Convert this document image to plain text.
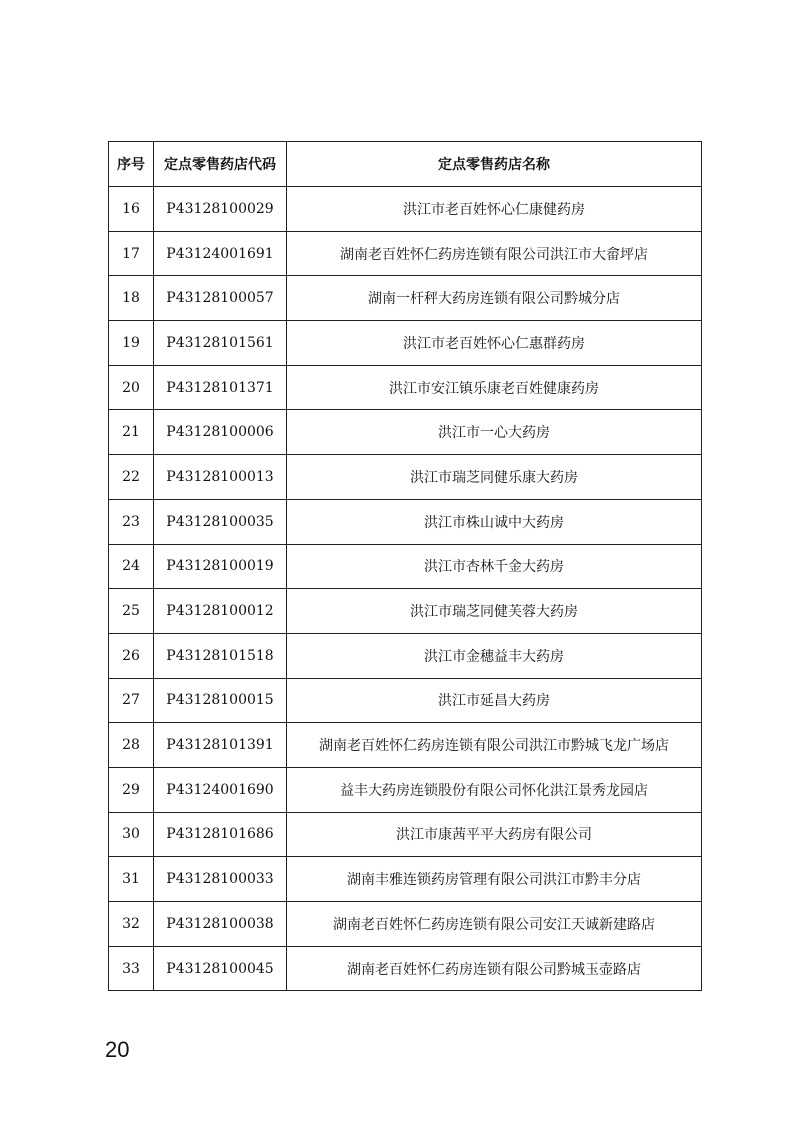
序号	定点零售药店代码	定点零售药店名称
16	P43128100029	洪江市老百姓怀心仁康健药房
17	P43124001691	湖南老百姓怀仁药房连锁有限公司洪江市大畲坪店
18	P43128100057	湖南一杆秤大药房连锁有限公司黔城分店
19	P43128101561	洪江市老百姓怀心仁惠群药房
20	P43128101371	洪江市安江镇乐康老百姓健康药房
21	P43128100006	洪江市一心大药房
22	P43128100013	洪江市瑞芝同健乐康大药房
23	P43128100035	洪江市株山诚中大药房
24	P43128100019	洪江市杏林千金大药房
25	P43128100012	洪江市瑞芝同健芙蓉大药房
26	P43128101518	洪江市金穗益丰大药房
27	P43128100015	洪江市延昌大药房
28	P43128101391	湖南老百姓怀仁药房连锁有限公司洪江市黔城飞龙广场店
29	P43124001690	益丰大药房连锁股份有限公司怀化洪江景秀龙园店
30	P43128101686	洪江市康茜平平大药房有限公司
31	P43128100033	湖南丰雅连锁药房管理有限公司洪江市黔丰分店
32	P43128100038	湖南老百姓怀仁药房连锁有限公司安江天诚新建路店
33	P43128100045	湖南老百姓怀仁药房连锁有限公司黔城玉壶路店
20
